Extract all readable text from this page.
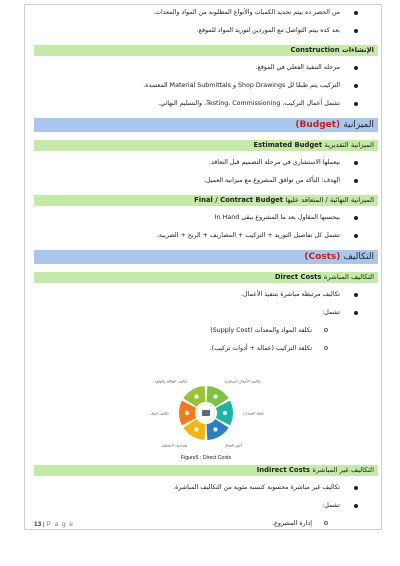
من الحصر ده بيتم تحديد الكميات والأنواع المطلوبة من المواد والمعدات.
بعد كده بيتم التواصل مع الموردين لتوريد المواد للموقع.
الإنشاءات Construction
مرحلة التنفيذ الفعلي في الموقع.
التركيب يتم طبقًا لل Shop Drawings و Material Submittals المعتمدة.
تشمل أعمال التركيب، Testing، Commissioning، والتسليم النهائي.
الميزانية (Budget)
الميزانية التقديرية Estimated Budget
بيعملها الاستشاري في مرحلة التصميم قبل التعاقد.
الهدف: التأكد من توافق المشروع مع ميزانية العميل.
الميزانية النهائية / المتعاقد عليها Final / Contract Budget
بيحسبها المقاول بعد ما المشروع يبقى In Hand
تشمل كل تفاصيل التوريد + التركيب + المصاريف + الربح + الضريبة.
التكاليف (Costs)
التكاليف المباشرة Direct Costs
تكاليف مرتبطة مباشرة بتنفيذ الأعمال.
تشمل:
تكلفة المواد والمعدات (Supply Cost)
تكلفة التركيب (عمالة + أدوات تركيب).
تكاليف الأعمال المباشرة
تكلفة المعدات
أجور العمال
مصاريف التشغيل
تكاليف النقل
تكاليف الطاقة والوقود
Figure5 : Direct Costs
التكاليف غير المباشرة Indirect Costs
تكاليف غير مباشرة محسوبة كنسبة مئوية من التكاليف المباشرة.
تشمل:
إدارة المشروع.
13 | P a g e
